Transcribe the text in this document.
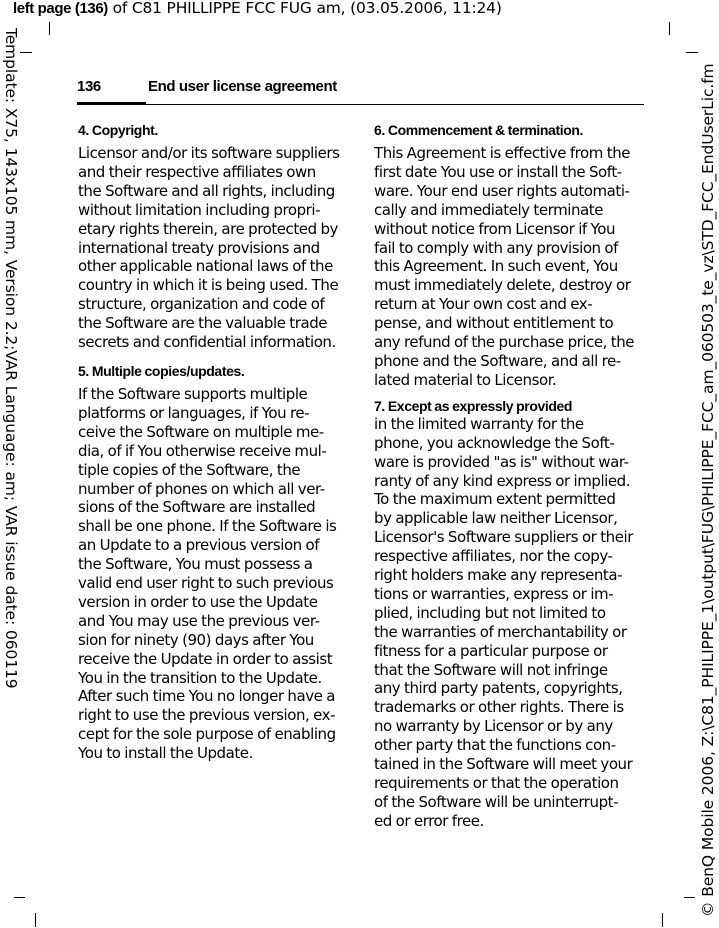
left page (136) of C81 PHILLIPPE FCC FUG am, (03.05.2006, 11:24)
Template: X75, 143x105 mm, Version 2.2;VAR Language: am; VAR issue date: 060119	© BenQ Mobile 2006, Z:\C81_PHILIPPE_1\output\FUG\PHILIPPE_FCC_am_060503_te_vz\STD_FCC_EndUserLic.fm
136	End user license agreement
4. Copyright.
Licensor and/or its software suppliers
and their respective affiliates own
the Software and all rights, including
without limitation including propri-
etary rights therein, are protected by
international treaty provisions and
other applicable national laws of the
country in which it is being used. The
structure, organization and code of
the Software are the valuable trade
secrets and confidential information.
5. Multiple copies/updates.
If the Software supports multiple
platforms or languages, if You re-
ceive the Software on multiple me-
dia, of if You otherwise receive mul-
tiple copies of the Software, the
number of phones on which all ver-
sions of the Software are installed
shall be one phone. If the Software is
an Update to a previous version of
the Software, You must possess a
valid end user right to such previous
version in order to use the Update
and You may use the previous ver-
sion for ninety (90) days after You
receive the Update in order to assist
You in the transition to the Update.
After such time You no longer have a
right to use the previous version, ex-
cept for the sole purpose of enabling
You to install the Update.
6. Commencement & termination.
This Agreement is effective from the
first date You use or install the Soft-
ware. Your end user rights automati-
cally and immediately terminate
without notice from Licensor if You
fail to comply with any provision of
this Agreement. In such event, You
must immediately delete, destroy or
return at Your own cost and ex-
pense, and without entitlement to
any refund of the purchase price, the
phone and the Software, and all re-
lated material to Licensor.
7. Except as expressly provided
in the limited warranty for the
phone, you acknowledge the Soft-
ware is provided "as is" without war-
ranty of any kind express or implied.
To the maximum extent permitted
by applicable law neither Licensor,
Licensor's Software suppliers or their
respective affiliates, nor the copy-
right holders make any representa-
tions or warranties, express or im-
plied, including but not limited to
the warranties of merchantability or
fitness for a particular purpose or
that the Software will not infringe
any third party patents, copyrights,
trademarks or other rights. There is
no warranty by Licensor or by any
other party that the functions con-
tained in the Software will meet your
requirements or that the operation
of the Software will be uninterrupt-
ed or error free.
